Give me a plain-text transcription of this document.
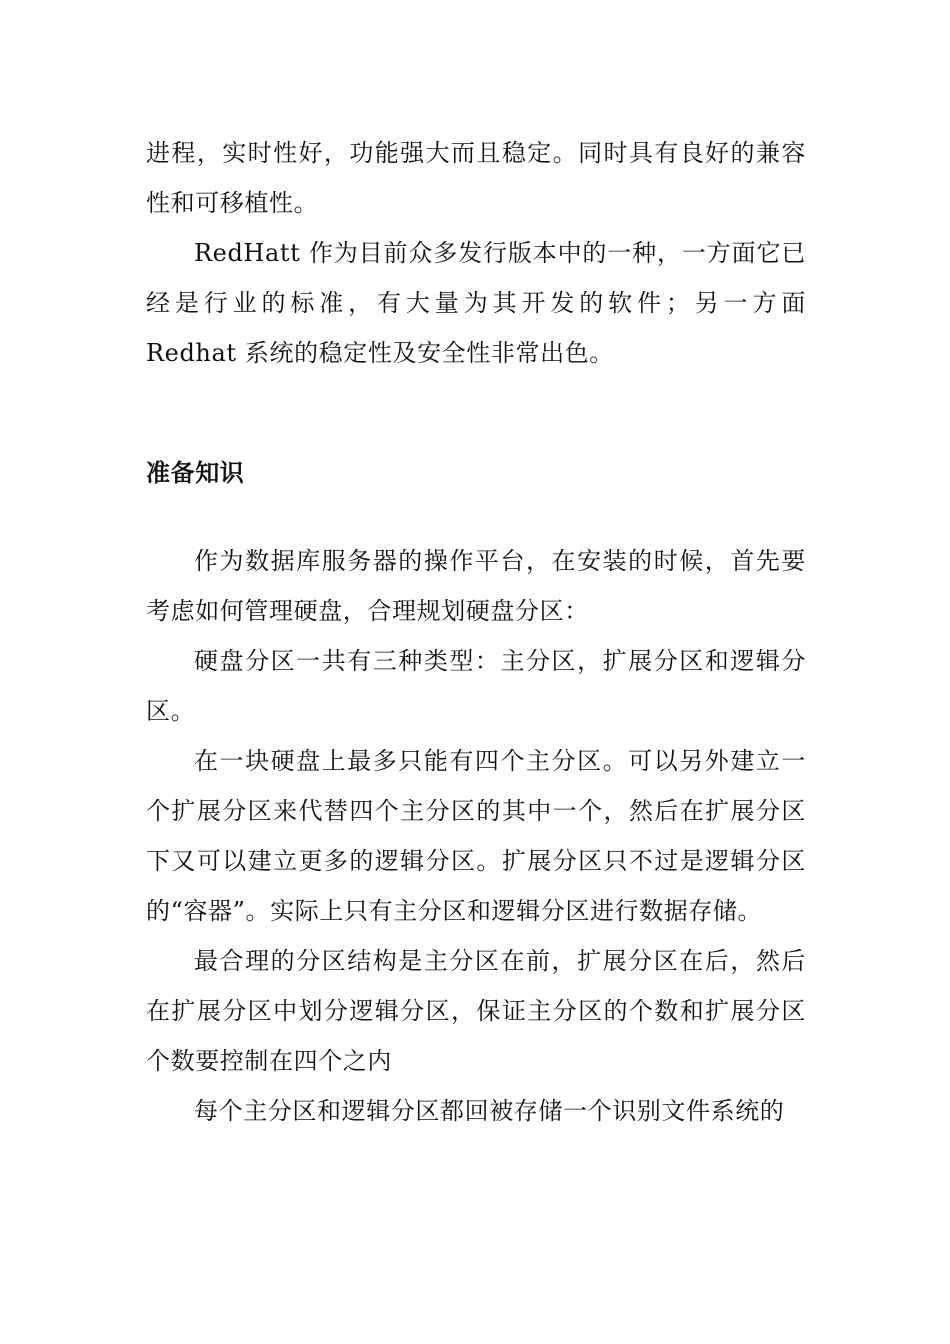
进程，实时性好，功能强大而且稳定。同时具有良好的兼容性和可移植性。

RedHatt 作为目前众多发行版本中的一种，一方面它已经是行业的标准，有大量为其开发的软件；另一方面 Redhat 系统的稳定性及安全性非常出色。

准备知识

作为数据库服务器的操作平台，在安装的时候，首先要考虑如何管理硬盘，合理规划硬盘分区：

硬盘分区一共有三种类型：主分区，扩展分区和逻辑分区。

在一块硬盘上最多只能有四个主分区。可以另外建立一个扩展分区来代替四个主分区的其中一个，然后在扩展分区下又可以建立更多的逻辑分区。扩展分区只不过是逻辑分区的“容器”。实际上只有主分区和逻辑分区进行数据存储。

最合理的分区结构是主分区在前，扩展分区在后，然后在扩展分区中划分逻辑分区，保证主分区的个数和扩展分区个数要控制在四个之内

每个主分区和逻辑分区都回被存储一个识别文件系统的
